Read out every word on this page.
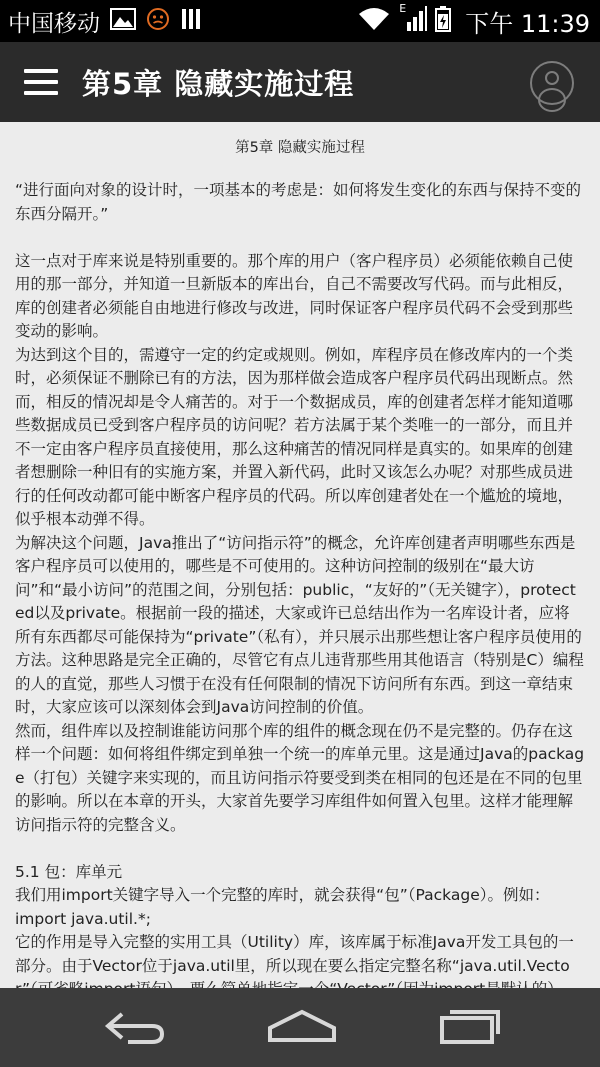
中国移动
E
下午 11:39
第5章 隐藏实施过程
第5章 隐藏实施过程

“进行面向对象的设计时，一项基本的考虑是：如何将发生变化的东西与保持不变的东西分隔开。”

这一点对于库来说是特别重要的。那个库的用户（客户程序员）必须能依赖自己使用的那一部分，并知道一旦新版本的库出台，自己不需要改写代码。而与此相反，库的创建者必须能自由地进行修改与改进，同时保证客户程序员代码不会受到那些变动的影响。

为达到这个目的，需遵守一定的约定或规则。例如，库程序员在修改库内的一个类时，必须保证不删除已有的方法，因为那样做会造成客户程序员代码出现断点。然而，相反的情况却是令人痛苦的。对于一个数据成员，库的创建者怎样才能知道哪些数据成员已受到客户程序员的访问呢？若方法属于某个类唯一的一部分，而且并不一定由客户程序员直接使用，那么这种痛苦的情况同样是真实的。如果库的创建者想删除一种旧有的实施方案，并置入新代码，此时又该怎么办呢？对那些成员进行的任何改动都可能中断客户程序员的代码。所以库创建者处在一个尴尬的境地，似乎根本动弹不得。

为解决这个问题，Java推出了“访问指示符”的概念，允许库创建者声明哪些东西是客户程序员可以使用的，哪些是不可使用的。这种访问控制的级别在“最大访问”和“最小访问”的范围之间，分别包括：public，“友好的”（无关键字），protected以及private。根据前一段的描述，大家或许已总结出作为一名库设计者，应将所有东西都尽可能保持为“private”（私有），并只展示出那些想让客户程序员使用的方法。这种思路是完全正确的，尽管它有点儿违背那些用其他语言（特别是C）编程的人的直觉，那些人习惯于在没有任何限制的情况下访问所有东西。到这一章结束时，大家应该可以深刻体会到Java访问控制的价值。

然而，组件库以及控制谁能访问那个库的组件的概念现在仍不是完整的。仍存在这样一个问题：如何将组件绑定到单独一个统一的库单元里。这是通过Java的package（打包）关键字来实现的，而且访问指示符要受到类在相同的包还是在不同的包里的影响。所以在本章的开头，大家首先要学习库组件如何置入包里。这样才能理解访问指示符的完整含义。

5.1 包：库单元

我们用import关键字导入一个完整的库时，就会获得“包”（Package）。例如：

import java.util.*;

它的作用是导入完整的实用工具（Utility）库，该库属于标准Java开发工具包的一部分。由于Vector位于java.util里，所以现在要么指定完整名称“java.util.Vecto
